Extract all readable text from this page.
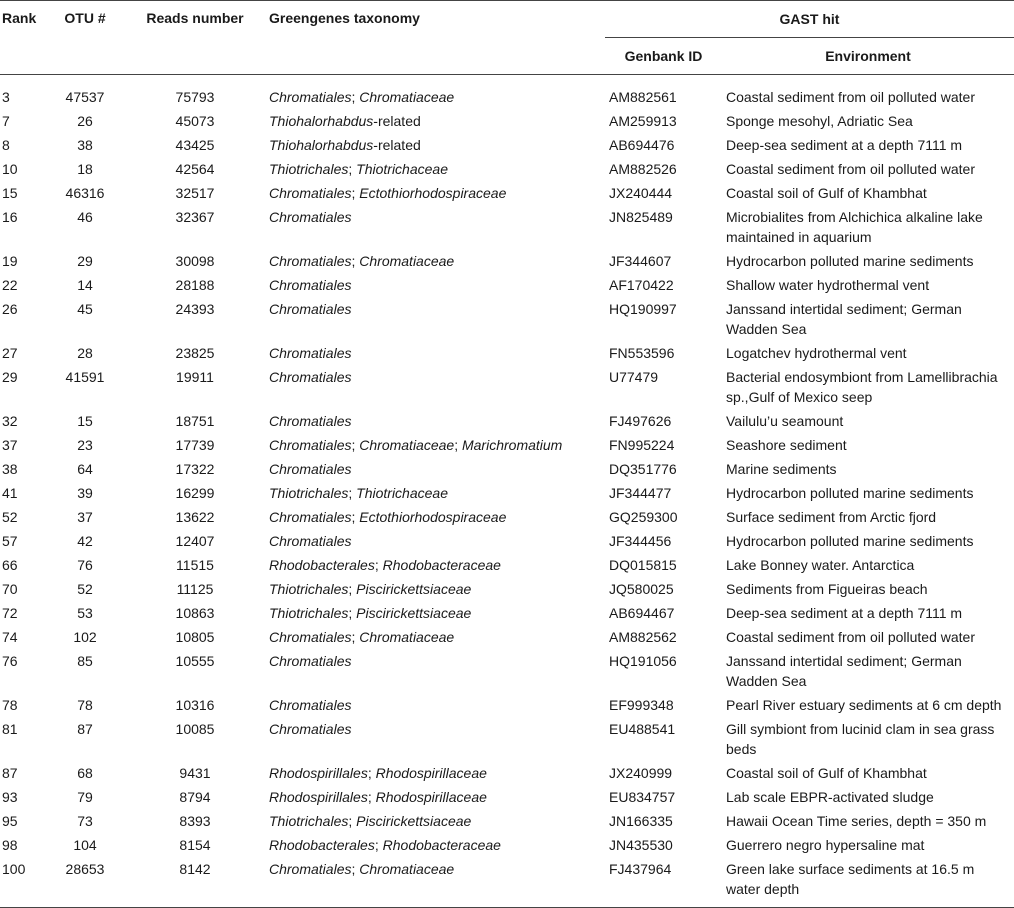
Rank	OTU #	Reads number	Greengenes taxonomy	GAST hit	
				Genbank ID	Environment

3	47537	75793	Chromatiales; Chromatiaceae	AM882561	Coastal sediment from oil polluted water
7	26	45073	Thiohalorhabdus-related	AM259913	Sponge mesohyl, Adriatic Sea
8	38	43425	Thiohalorhabdus-related	AB694476	Deep-sea sediment at a depth 7111 m
10	18	42564	Thiotrichales; Thiotrichaceae	AM882526	Coastal sediment from oil polluted water
15	46316	32517	Chromatiales; Ectothiorhodospiraceae	JX240444	Coastal soil of Gulf of Khambhat
16	46	32367	Chromatiales	JN825489	Microbialites from Alchichica alkaline lake maintained in aquarium
19	29	30098	Chromatiales; Chromatiaceae	JF344607	Hydrocarbon polluted marine sediments
22	14	28188	Chromatiales	AF170422	Shallow water hydrothermal vent
26	45	24393	Chromatiales	HQ190997	Janssand intertidal sediment; German Wadden Sea
27	28	23825	Chromatiales	FN553596	Logatchev hydrothermal vent
29	41591	19911	Chromatiales	U77479	Bacterial endosymbiont from Lamellibrachia sp.,Gulf of Mexico seep
32	15	18751	Chromatiales	FJ497626	Vailulu’u seamount
37	23	17739	Chromatiales; Chromatiaceae; Marichromatium	FN995224	Seashore sediment
38	64	17322	Chromatiales	DQ351776	Marine sediments
41	39	16299	Thiotrichales; Thiotrichaceae	JF344477	Hydrocarbon polluted marine sediments
52	37	13622	Chromatiales; Ectothiorhodospiraceae	GQ259300	Surface sediment from Arctic fjord
57	42	12407	Chromatiales	JF344456	Hydrocarbon polluted marine sediments
66	76	11515	Rhodobacterales; Rhodobacteraceae	DQ015815	Lake Bonney water. Antarctica
70	52	11125	Thiotrichales; Piscirickettsiaceae	JQ580025	Sediments from Figueiras beach
72	53	10863	Thiotrichales; Piscirickettsiaceae	AB694467	Deep-sea sediment at a depth 7111 m
74	102	10805	Chromatiales; Chromatiaceae	AM882562	Coastal sediment from oil polluted water
76	85	10555	Chromatiales	HQ191056	Janssand intertidal sediment; German Wadden Sea
78	78	10316	Chromatiales	EF999348	Pearl River estuary sediments at 6 cm depth
81	87	10085	Chromatiales	EU488541	Gill symbiont from lucinid clam in sea grass beds
87	68	9431	Rhodospirillales; Rhodospirillaceae	JX240999	Coastal soil of Gulf of Khambhat
93	79	8794	Rhodospirillales; Rhodospirillaceae	EU834757	Lab scale EBPR-activated sludge
95	73	8393	Thiotrichales; Piscirickettsiaceae	JN166335	Hawaii Ocean Time series, depth = 350 m
98	104	8154	Rhodobacterales; Rhodobacteraceae	JN435530	Guerrero negro hypersaline mat
100	28653	8142	Chromatiales; Chromatiaceae	FJ437964	Green lake surface sediments at 16.5 m water depth
